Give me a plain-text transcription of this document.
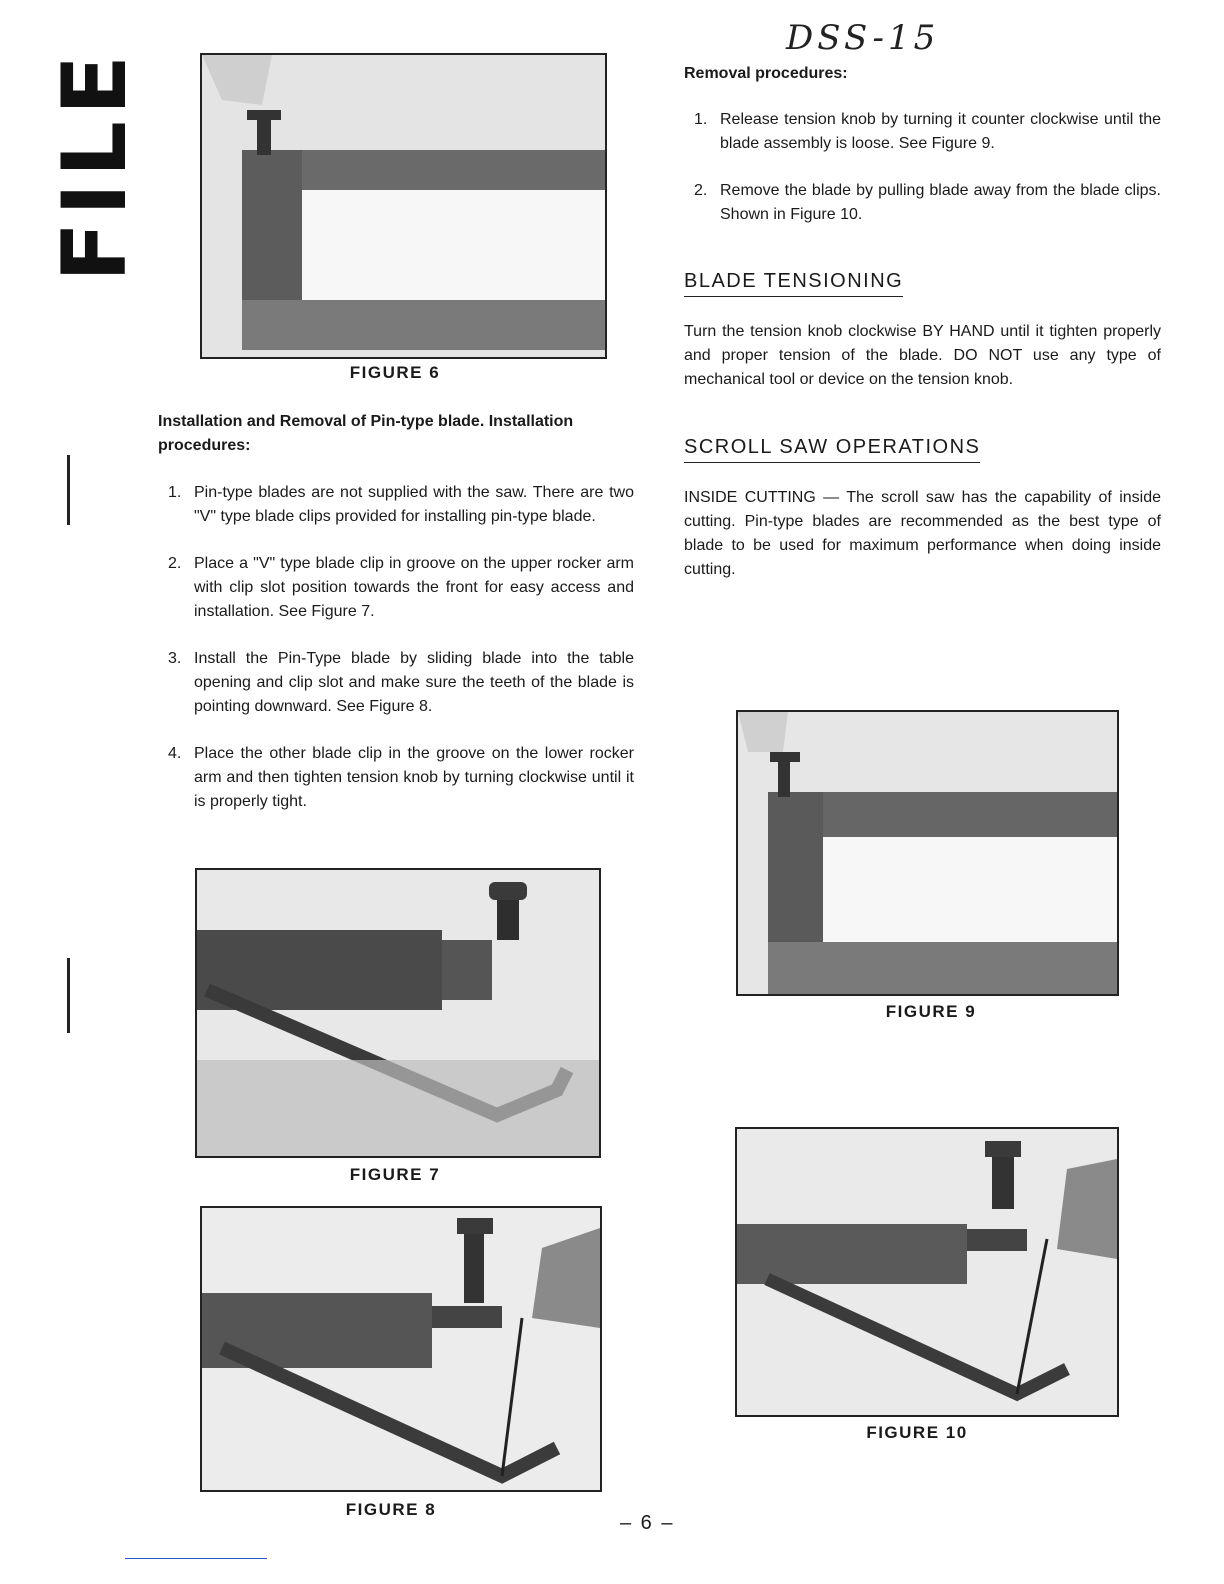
FILE
DSS-15
FIGURE 6
Installation and Removal of Pin-type blade. Installation procedures:
1. Pin-type blades are not supplied with the saw. There are two "V" type blade clips provided for installing pin-type blade.
2. Place a "V" type blade clip in groove on the upper rocker arm with clip slot position towards the front for easy access and installation. See Figure 7.
3. Install the Pin-Type blade by sliding blade into the table opening and clip slot and make sure the teeth of the blade is pointing downward. See Figure 8.
4. Place the other blade clip in the groove on the lower rocker arm and then tighten tension knob by turning clockwise until it is properly tight.
FIGURE 7
FIGURE 8
Removal procedures:
1. Release tension knob by turning it counter clockwise until the blade assembly is loose. See Figure 9.
2. Remove the blade by pulling blade away from the blade clips. Shown in Figure 10.
BLADE TENSIONING

Turn the tension knob clockwise BY HAND until it tighten properly and proper tension of the blade. DO NOT use any type of mechanical tool or device on the tension knob.

SCROLL SAW OPERATIONS

INSIDE CUTTING — The scroll saw has the capability of inside cutting. Pin-type blades are recommended as the best type of blade to be used for maximum performance when doing inside cutting.

FIGURE 9
FIGURE 10
– 6 –
